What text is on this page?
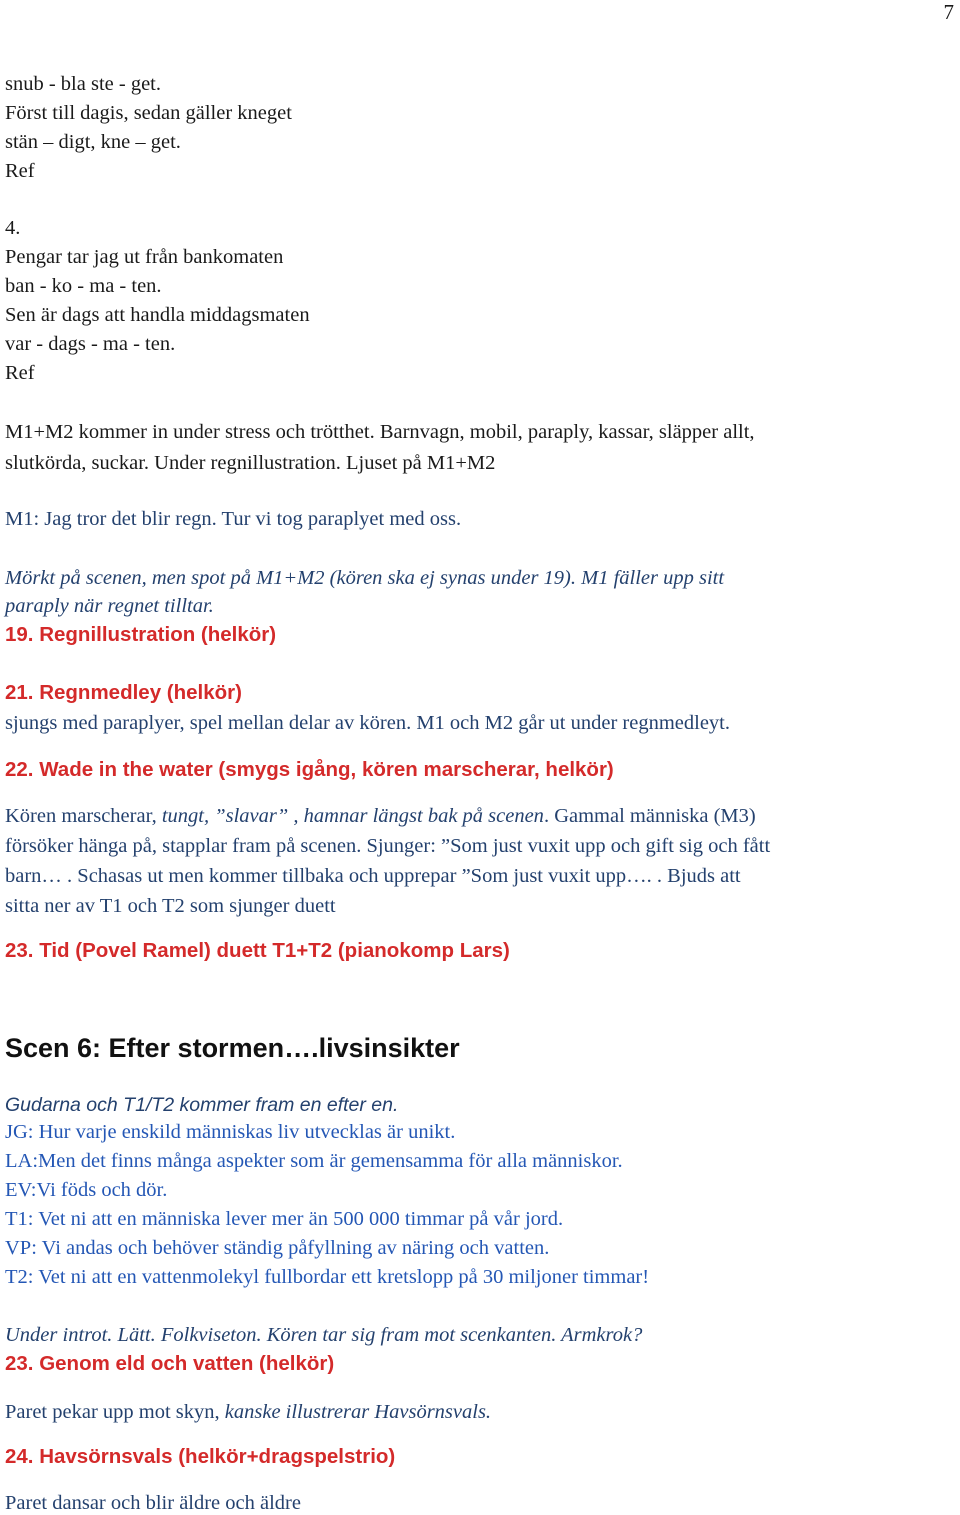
7
snub - bla ste - get.
Först till dagis, sedan gäller kneget
stän – digt, kne – get.
Ref
4.
Pengar tar jag ut från bankomaten
ban - ko - ma - ten.
Sen är dags att handla middagsmaten
var - dags - ma - ten.
Ref
M1+M2 kommer in under stress och trötthet. Barnvagn, mobil, paraply, kassar, släpper allt,
slutkörda, suckar. Under regnillustration. Ljuset på M1+M2
M1: Jag tror det blir regn. Tur vi tog paraplyet med oss.
Mörkt på scenen, men spot på M1+M2 (kören ska ej synas under 19). M1 fäller upp sitt
paraply när regnet tilltar.
19. Regnillustration (helkör)
21. Regnmedley (helkör)
sjungs med paraplyer, spel mellan delar av kören. M1 och M2 går ut under regnmedleyt.
22. Wade in the water (smygs igång, kören marscherar, helkör)
Kören marscherar, tungt, ”slavar” , hamnar längst bak på scenen. Gammal människa (M3)
försöker hänga på, stapplar fram på scenen. Sjunger: ”Som just vuxit upp och gift sig och fått
barn… . Schasas ut men kommer tillbaka och upprepar ”Som just vuxit upp…. . Bjuds att
sitta ner av T1 och T2 som sjunger duett
23. Tid (Povel Ramel) duett T1+T2 (pianokomp Lars)
Scen 6: Efter stormen….livsinsikter
Gudarna och T1/T2 kommer fram en efter en.
JG: Hur varje enskild människas liv utvecklas är unikt.
LA:Men det finns många aspekter som är gemensamma för alla människor.
EV:Vi föds och dör.
T1: Vet ni att en människa lever mer än 500 000 timmar på vår jord.
VP: Vi andas och behöver ständig påfyllning av näring och vatten.
T2: Vet ni att en vattenmolekyl fullbordar ett kretslopp på 30 miljoner timmar!
Under introt. Lätt. Folkviseton. Kören tar sig fram mot scenkanten. Armkrok?
23. Genom eld och vatten (helkör)
Paret pekar upp mot skyn, kanske illustrerar Havsörnsvals.
24. Havsörnsvals (helkör+dragspelstrio)
Paret dansar och blir äldre och äldre
